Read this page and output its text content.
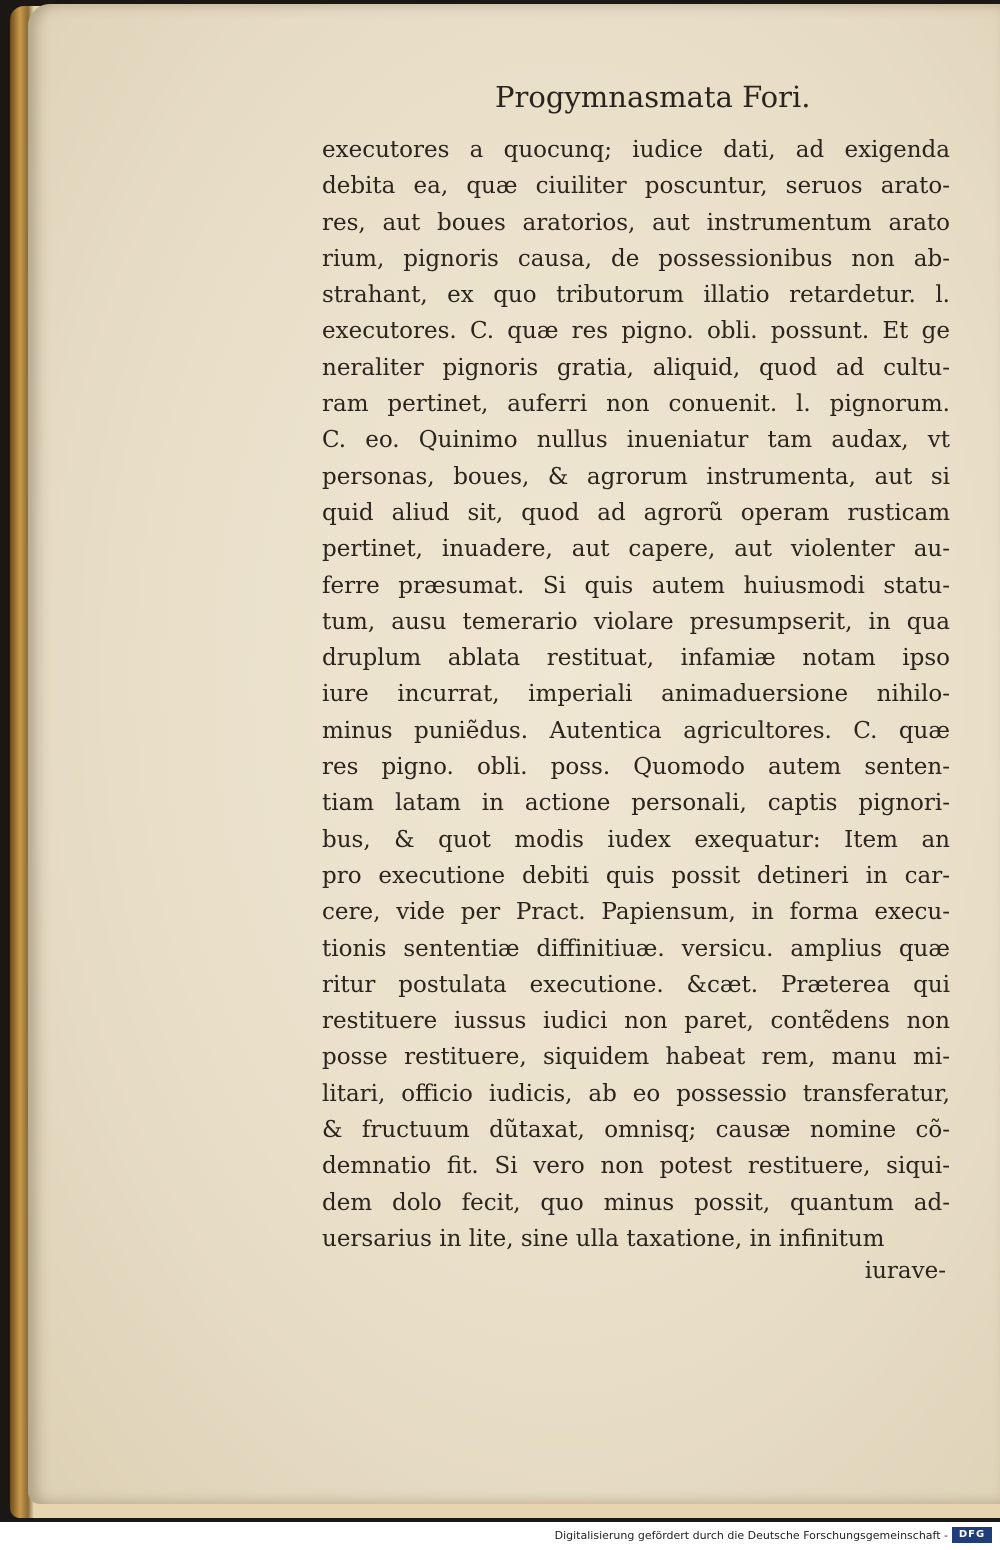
Progymnasmata Fori.
executores a quocunq; iudice dati, ad exigenda
debita ea, quæ ciuiliter poscuntur, seruos arato-
res, aut boues aratorios, aut instrumentum arato
rium, pignoris causa, de possessionibus non ab-
strahant, ex quo tributorum illatio retardetur. l.
executores. C. quæ res pigno. obli. possunt. Et ge
neraliter pignoris gratia, aliquid, quod ad cultu-
ram pertinet, auferri non conuenit. l. pignorum.
C. eo. Quinimo nullus inueniatur tam audax, vt
personas, boues, & agrorum instrumenta, aut si
quid aliud sit, quod ad agrorũ operam rusticam
pertinet, inuadere, aut capere, aut violenter au-
ferre præsumat. Si quis autem huiusmodi statu-
tum, ausu temerario violare presumpserit, in qua
druplum ablata restituat, infamiæ notam ipso
iure incurrat, imperiali animaduersione nihilo-
minus puniẽdus. Autentica agricultores. C. quæ
res pigno. obli. poss. Quomodo autem senten-
tiam latam in actione personali, captis pignori-
bus, & quot modis iudex exequatur: Item an
pro executione debiti quis possit detineri in car-
cere, vide per Pract. Papiensum, in forma execu-
tionis sententiæ diffinitiuæ. versicu. amplius quæ
ritur postulata executione. &cæt. Præterea qui
restituere iussus iudici non paret, contẽdens non
posse restituere, siquidem habeat rem, manu mi-
litari, officio iudicis, ab eo possessio transferatur,
& fructuum dũtaxat, omnisq; causæ nomine cõ-
demnatio fit. Si vero non potest restituere, siqui-
dem dolo fecit, quo minus possit, quantum ad-
uersarius in lite, sine ulla taxatione, in infinitum
iurave-
Digitalisierung gefördert durch die Deutsche Forschungsgemeinschaft -	DFG
